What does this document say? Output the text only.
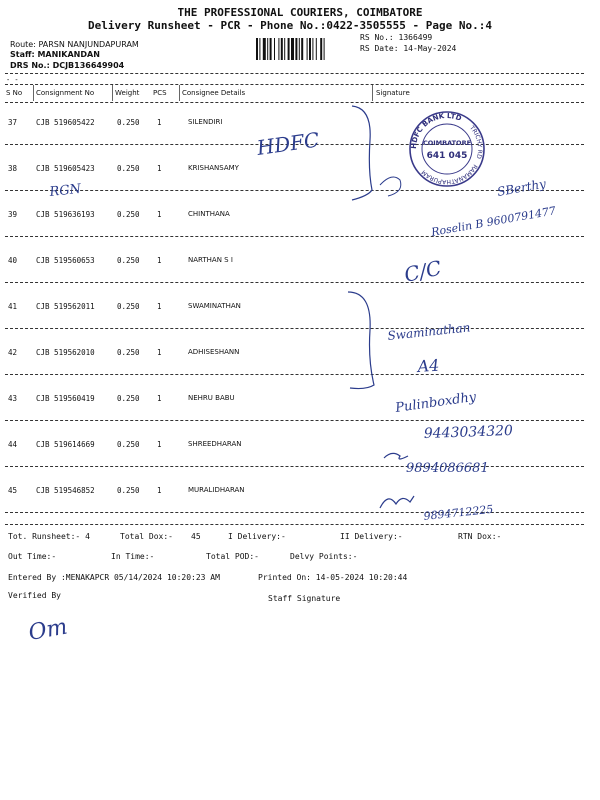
THE PROFESSIONAL COURIERS, COIMBATORE
Delivery Runsheet - PCR - Phone No.:0422-3505555 - Page No.:4
Route: PARSN NANJUNDAPURAM
Staff: MANIKANDAN
DRS No.: DCJB136649904
RS No.: 1366499
RS Date: 14-May-2024
- -
S No Consignment No	Weight PCS Consignee Details	Signature
37	CJB 519605422	0.250 1	SILENDIRI
38	CJB 519605423	0.250 1	KRISHANSAMY
39	CJB 519636193	0.250 1	CHINTHANA
40	CJB 519560653	0.250 1	NARTHAN S I
41	CJB 519562011	0.250 1	SWAMINATHAN
42	CJB 519562010	0.250 1	ADHISESHANN
43	CJB 519560419	0.250 1	NEHRU BABU
44	CJB 519614669	0.250 1	SHREEDHARAN
45	CJB 519546852	0.250 1	MURALIDHARAN
Tot. Runsheet:- 4	Total Dox:- 45	I Delivery:-	II Delivery:-	RTN Dox:-
Out Time:-	In Time:-	Total POD:-	Delvy Points:-
Entered By :MENAKAPCR 05/14/2024 10:20:23 AM	Printed On: 14-05-2024 10:20:44
Verified By	Staff Signature
HDFC BANK LTD
TRICHY RD
RAMANATHAPURAM
COIMBATORE
641 045
HDFC
RGN	SBerthy
Roselin B 9600791477
C/C
Swaminathan
A4
Pulinboxdhy
9443034320
9894086681
9894712225
Om
